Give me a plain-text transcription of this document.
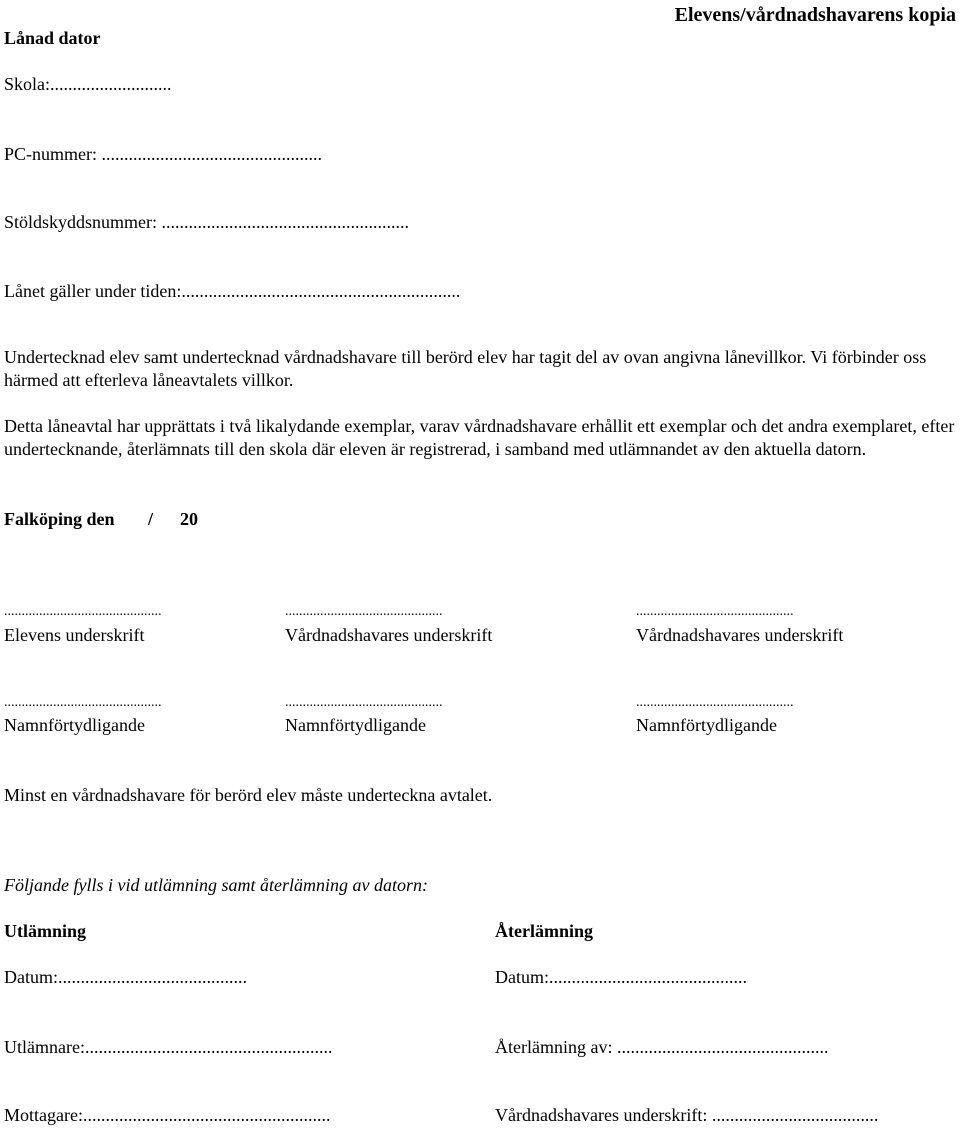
Lånad dator
Elevens/vårdnadshavarens kopia
Skola:...........................
PC-nummer: .................................................
Stöldskyddsnummer: .......................................................
Lånet gäller under tiden:..............................................................
Undertecknad elev samt undertecknad vårdnadshavare till berörd elev har tagit del av ovan angivna lånevillkor. Vi förbinder oss härmed att efterleva låneavtalets villkor.
Detta låneavtal har upprättats i två likalydande exemplar, varav vårdnadshavare erhållit ett exemplar och det andra exemplaret, efter undertecknande, återlämnats till den skola där eleven är registrerad, i samband med utlämnandet av den aktuella datorn.
Falköping den / 20
.............................................	.............................................	.............................................
Elevens underskrift	Vårdnadshavares underskrift	Vårdnadshavares underskrift
.............................................	.............................................	.............................................
Namnförtydligande	Namnförtydligande	Namnförtydligande
Minst en vårdnadshavare för berörd elev måste underteckna avtalet.
Följande fylls i vid utlämning samt återlämning av datorn:
Utlämning	Återlämning
Datum:..........................................	Datum:............................................
Utlämnare:.......................................................	Återlämning av: ...............................................
Mottagare:.......................................................	Vårdnadshavares underskrift: .....................................
